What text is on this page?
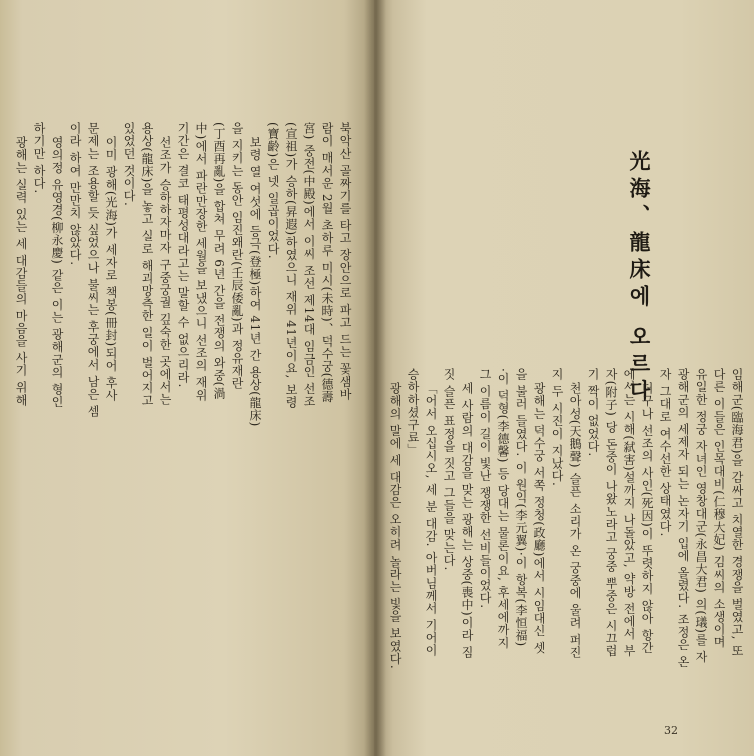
북악산 골짜기를 타고 장안으로 파고 드는 꽃샘바
람이 매서운 2월 초하루 미시(未時)、덕수궁(德壽
宮) 중전(中殿)에서 이씨 조선 제14대 임금인 선조
(宣祖)가 승하(昇遐)하였으니 재위 41년이요, 보령
(寶齡)은 넷 일곱이었다.
보령 열 여섯에 등극(登極)하여 41년 간 용상(龍床)
을 지키는 동안 임진왜란(壬辰倭亂)과 정유재란
(丁酉再亂)을 합쳐 무려 6년 간을 전쟁의 와중(渦
中)에서 파란만장한 세월을 보냈으니 선조의 재위
기간은 결코 태평성대라고는 말할 수 없으리라.
선조가 승하하자마자 구중궁궐 깊숙한 곳에서는
용상(龍床)을 놓고 실로 해괴망측한 일이 벌어지고
있었던 것이다.
이미 광해(光海)가 세자로 책봉(冊封)되어 후사
문제는 조용할 듯 싶었으나 불씨는 후궁에서 남은 셈
이라 하여 만만치 않았다.
영의정 유영경(柳永慶) 같은 이는 광해군의 형인
하기만 하다.
광해는 실력 있는 세 대감들의 마음을 사기 위해	光海、龍床에 오르다
임해군(臨海君)을 감싸고 치열한 경쟁을 벌였고, 또
다른 이들은 인목대비(仁穆大妃) 김씨의 소생이며
유일한 정궁 자녀인 영창대군(永昌大君) 의(㼁)를 자
광해군의 세제자 되는 논자기 입에 올렸다. 조정은 온
자 그대로 여수선한 상태였다.
더구나 선조의 사인(死因)이 뚜렷하지 않아 항간
에서는 시해(弑害)설까지 나돌았고, 약방 전에서 부
자(附子) 당 돈중이 나왔노라고 궁중 뿌중은 시끄럽
기 짝이 없었다.
천아성(天鵝聲) 슬픈 소리가 온 궁중에 울려 퍼진
지 두 시진이 지났다.
광해는 덕수궁 서쪽 정청(政廳)에서 시임대신 셋
을 불러 들였다. 이 원익(李元翼)·이 항복(李恒福)
·이 덕형(李德馨) 등 당대는 물론이요, 후세에까지
그 이름이 길이 빛난 쟁쟁한 선비들이었다.
세 사람의 대감을 맞는 광해는 상중(喪中)이라 짐
짓 슬픈 표정을 짓고 그들을 맞는다.
「어서 오십시오, 세 분 대감. 아버님께서 기어이
승하하셨구료」
광해의 말에 세 대감은 오히려 놀라는 빛을 보였다.
32
